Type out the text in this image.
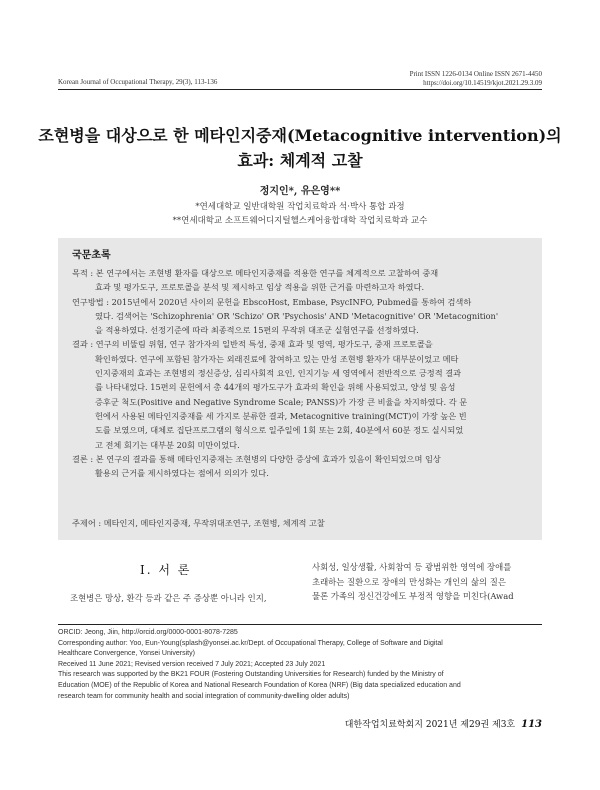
Korean Journal of Occupational Therapy, 29(3), 113-136
Print ISSN 1226-0134 Online ISSN 2671-4450
https://doi.org/10.14519/kjot.2021.29.3.09
조현병을 대상으로 한 메타인지중재(Metacognitive intervention)의
효과: 체계적 고찰
정지인*, 유은영**
*연세대학교 일반대학원 작업치료학과 석·박사 통합 과정
**연세대학교 소프트웨어디지털헬스케어융합대학 작업치료학과 교수
국문초록
목적 : 본 연구에서는 조현병 환자를 대상으로 메타인지중재를 적용한 연구를 체계적으로 고찰하여 중재
효과 및 평가도구, 프로토콜을 분석 및 제시하고 임상 적용을 위한 근거를 마련하고자 하였다.
연구방법 : 2015년에서 2020년 사이의 문헌을 EbscoHost, Embase, PsycINFO, Pubmed를 통하여 검색하
였다. 검색어는 'Schizophrenia' OR 'Schizo' OR 'Psychosis' AND 'Metacognitive' OR 'Metacognition'
을 적용하였다. 선정기준에 따라 최종적으로 15편의 무작위 대조군 실험연구를 선정하였다.
결과 : 연구의 비뚤림 위험, 연구 참가자의 일반적 특성, 중재 효과 및 영역, 평가도구, 중재 프로토콜을
확인하였다. 연구에 포함된 참가자는 외래진료에 참여하고 있는 만성 조현병 환자가 대부분이었고 메타
인지중재의 효과는 조현병의 정신증상, 심리사회적 요인, 인지기능 세 영역에서 전반적으로 긍정적 결과
를 나타내었다. 15편의 문헌에서 총 44개의 평가도구가 효과의 확인을 위해 사용되었고, 양성 및 음성
증후군 척도(Positive and Negative Syndrome Scale; PANSS)가 가장 큰 비율을 차지하였다. 각 문
헌에서 사용된 메타인지중재를 세 가지로 분류한 결과, Metacognitive training(MCT)이 가장 높은 빈
도를 보였으며, 대체로 집단프로그램의 형식으로 일주일에 1회 또는 2회, 40분에서 60분 정도 실시되었
고 전체 회기는 대부분 20회 미만이었다.
결론 : 본 연구의 결과를 통해 메타인지중재는 조현병의 다양한 증상에 효과가 있음이 확인되었으며 임상
활용의 근거를 제시하였다는 점에서 의의가 있다.
주제어 : 메타인지, 메타인지중재, 무작위대조연구, 조현병, 체계적 고찰
Ⅰ. 서 론
조현병은 망상, 환각 등과 같은 주 증상뿐 아니라 인지,
사회성, 일상생활, 사회참여 등 광범위한 영역에 장애를
초래하는 질환으로 장애의 만성화는 개인의 삶의 질은
물론 가족의 정신건강에도 부정적 영향을 미친다(Awad
ORCID: Jeong, Jiin, http://orcid.org/0000-0001-8078-7285
Corresponding author: Yoo, Eun-Young(splash@yonsei.ac.kr/Dept. of Occupational Therapy, College of Software and Digital
Healthcare Convergence, Yonsei University)
Received 11 June 2021; Revised version received 7 July 2021; Accepted 23 July 2021
This research was supported by the BK21 FOUR (Fostering Outstanding Universities for Research) funded by the Ministry of
Education (MOE) of the Republic of Korea and National Research Foundation of Korea (NRF) (Big data specialized education and
research team for community health and social integration of community-dwelling older adults)
대한작업치료학회지 2021년 제29권 제3호 113
